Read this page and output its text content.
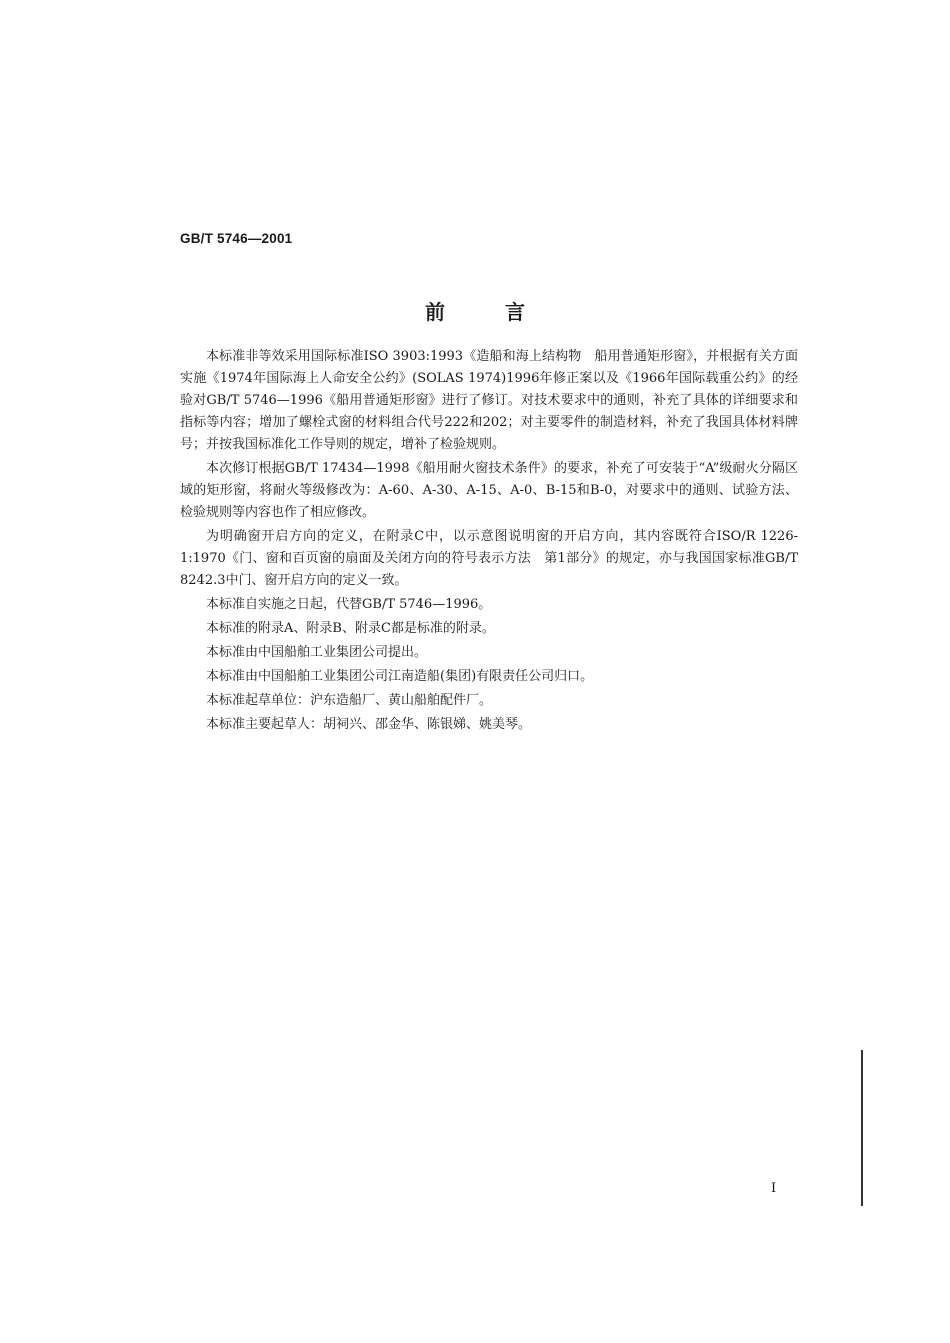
GB/T 5746—2001
前	言

本标准非等效采用国际标准ISO 3903:1993《造船和海上结构物　船用普通矩形窗》，并根据有关方面实施《1974年国际海上人命安全公约》(SOLAS 1974)1996年修正案以及《1966年国际载重公约》的经验对GB/T 5746—1996《船用普通矩形窗》进行了修订。对技术要求中的通则，补充了具体的详细要求和指标等内容；增加了螺栓式窗的材料组合代号222和202；对主要零件的制造材料，补充了我国具体材料牌号；并按我国标准化工作导则的规定，增补了检验规则。

本次修订根据GB/T 17434—1998《船用耐火窗技术条件》的要求，补充了可安装于“A”级耐火分隔区域的矩形窗，将耐火等级修改为：A-60、A-30、A-15、A-0、B-15和B-0，对要求中的通则、试验方法、检验规则等内容也作了相应修改。

为明确窗开启方向的定义，在附录C中，以示意图说明窗的开启方向，其内容既符合ISO/R 1226-1:1970《门、窗和百页窗的扇面及关闭方向的符号表示方法　第1部分》的规定，亦与我国国家标准GB/T 8242.3中门、窗开启方向的定义一致。

本标准自实施之日起，代替GB/T 5746—1996。

本标准的附录A、附录B、附录C都是标准的附录。

本标准由中国船舶工业集团公司提出。

本标准由中国船舶工业集团公司江南造船(集团)有限责任公司归口。

本标准起草单位：沪东造船厂、黄山船舶配件厂。

本标准主要起草人：胡祠兴、邵金华、陈银娣、姚美琴。

I
